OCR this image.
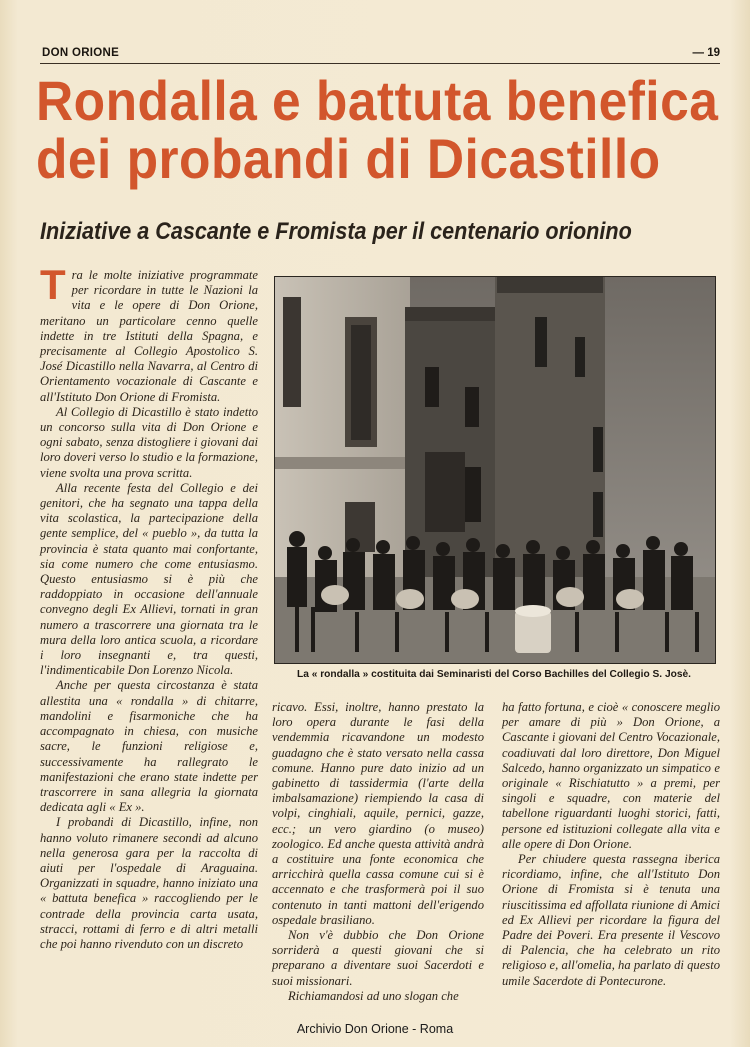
DON ORIONE	— 19
Rondalla e battuta benefica
dei probandi di Dicastillo
Iniziative a Cascante e Fromista per il centenario orionino

Tra le molte iniziative programmate per ricordare in tutte le Nazioni la vita e le opere di Don Orione, meritano un particolare cenno quelle indette in tre Istituti della Spagna, e precisamente al Collegio Apostolico S. José Dicastillo nella Navarra, al Centro di Orientamento vocazionale di Cascante e all'Istituto Don Orione di Fromista.

Al Collegio di Dicastillo è stato indetto un concorso sulla vita di Don Orione e ogni sabato, senza distogliere i giovani dai loro doveri verso lo studio e la formazione, viene svolta una prova scritta.

Alla recente festa del Collegio e dei genitori, che ha segnato una tappa della vita scolastica, la partecipazione della gente semplice, del « pueblo », da tutta la provincia è stata quanto mai confortante, sia come numero che come entusiasmo. Questo entusiasmo si è più che raddoppiato in occasione dell'annuale convegno degli Ex Allievi, tornati in gran numero a trascorrere una giornata tra le mura della loro antica scuola, a ricordare i loro insegnanti e, tra questi, l'indimenticabile Don Lorenzo Nicola.

Anche per questa circostanza è stata allestita una « rondalla » di chitarre, mandolini e fisarmoniche che ha accompagnato in chiesa, con musiche sacre, le funzioni religiose e, successivamente ha rallegrato le manifestazioni che erano state indette per trascorrere in sana allegria la giornata dedicata agli « Ex ».

I probandi di Dicastillo, infine, non hanno voluto rimanere secondi ad alcuno nella generosa gara per la raccolta di aiuti per l'ospedale di Araguaina. Organizzati in squadre, hanno iniziato una « battuta benefica » raccogliendo per le contrade della provincia carta usata, stracci, rottami di ferro e di altri metalli che poi hanno rivenduto con un discreto

La « rondalla » costituita dai Seminaristi del Corso Bachilles del Collegio S. Josè.

ricavo. Essi, inoltre, hanno prestato la loro opera durante le fasi della vendemmia ricavandone un modesto guadagno che è stato versato nella cassa comune. Hanno pure dato inizio ad un gabinetto di tassidermia (l'arte della imbalsamazione) riempiendo la casa di volpi, cinghiali, aquile, pernici, gazze, ecc.; un vero giardino (o museo) zoologico. Ed anche questa attività andrà a costituire una fonte economica che arricchirà quella cassa comune cui si è accennato e che trasformerà poi il suo contenuto in tanti mattoni dell'erigendo ospedale brasiliano.

Non v'è dubbio che Don Orione sorriderà a questi giovani che si preparano a diventare suoi Sacerdoti e suoi missionari.

Richiamandosi ad uno slogan che

ha fatto fortuna, e cioè « conoscere meglio per amare di più » Don Orione, a Cascante i giovani del Centro Vocazionale, coadiuvati dal loro direttore, Don Miguel Salcedo, hanno organizzato un simpatico e originale « Rischiatutto » a premi, per singoli e squadre, con materie del tabellone riguardanti luoghi storici, fatti, persone ed istituzioni collegate alla vita e alle opere di Don Orione.

Per chiudere questa rassegna iberica ricordiamo, infine, che all'Istituto Don Orione di Fromista si è tenuta una riuscitissima ed affollata riunione di Amici ed Ex Allievi per ricordare la figura del Padre dei Poveri. Era presente il Vescovo di Palencia, che ha celebrato un rito religioso e, all'omelia, ha parlato di questo umile Sacerdote di Pontecurone.

Archivio Don Orione - Roma
